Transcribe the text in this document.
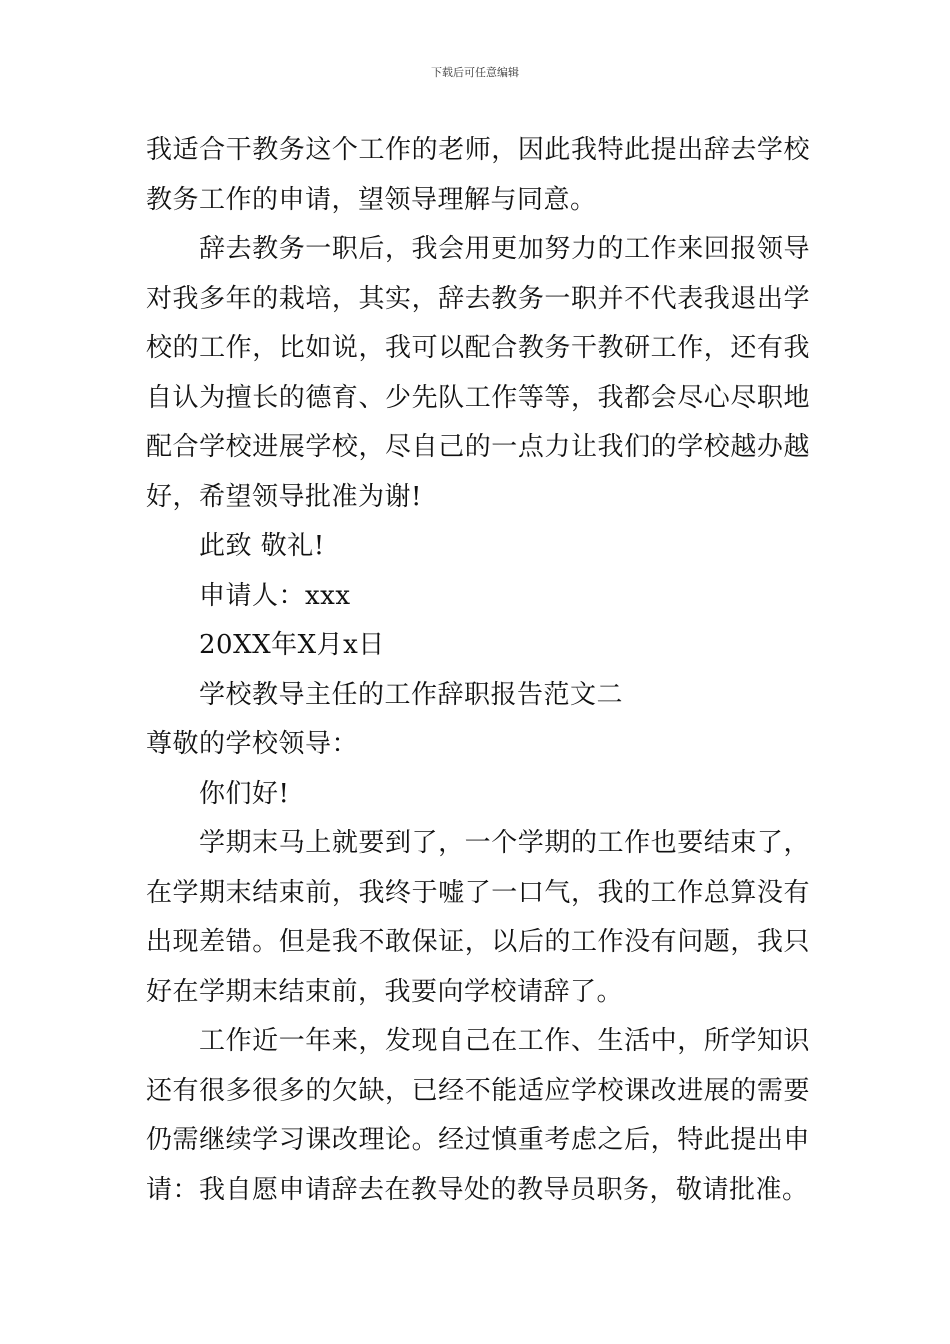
下载后可任意编辑

我适合干教务这个工作的老师，因此我特此提出辞去学校教务工作的申请，望领导理解与同意。

辞去教务一职后，我会用更加努力的工作来回报领导对我多年的栽培，其实，辞去教务一职并不代表我退出学校的工作，比如说，我可以配合教务干教研工作，还有我自认为擅长的德育、少先队工作等等，我都会尽心尽职地配合学校进展学校，尽自己的一点力让我们的学校越办越好，希望领导批准为谢!

此致 敬礼!

申请人：xxx

20XX年X月x日

学校教导主任的工作辞职报告范文二

尊敬的学校领导：

你们好!

学期末马上就要到了，一个学期的工作也要结束了，在学期末结束前，我终于嘘了一口气，我的工作总算没有出现差错。但是我不敢保证，以后的工作没有问题，我只好在学期末结束前，我要向学校请辞了。

工作近一年来，发现自己在工作、生活中，所学知识还有很多很多的欠缺，已经不能适应学校课改进展的需要仍需继续学习课改理论。经过慎重考虑之后，特此提出申请：我自愿申请辞去在教导处的教导员职务，敬请批准。
